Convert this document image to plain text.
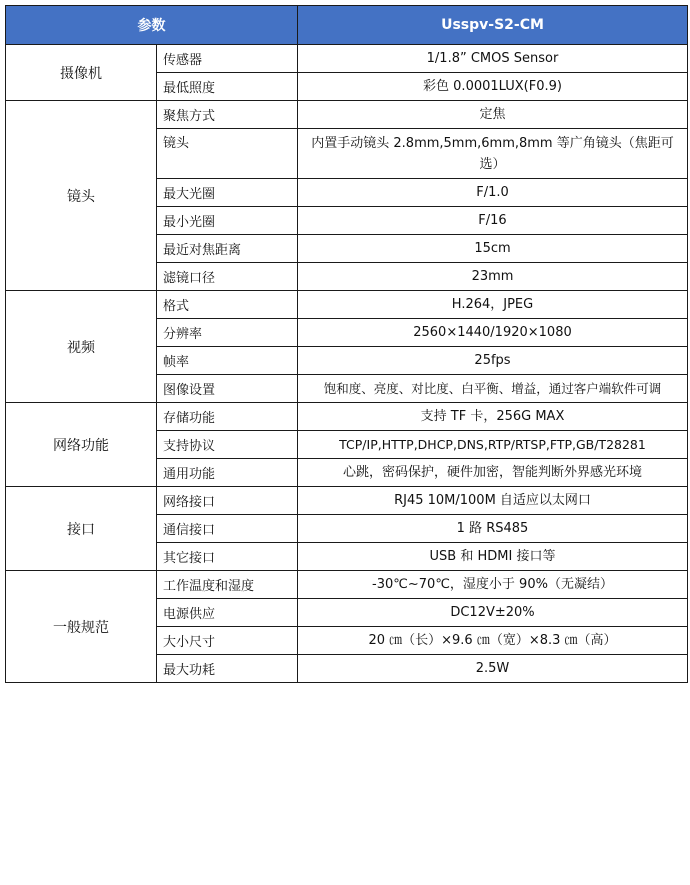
参数		Usspv-S2-CM
摄像机	传感器	1/1.8” CMOS Sensor
	最低照度	彩色 0.0001LUX(F0.9)
镜头	聚焦方式	定焦
	镜头	内置手动镜头 2.8mm,5mm,6mm,8mm 等广角镜头（焦距可选）
	最大光圈	F/1.0
	最小光圈	F/16
	最近对焦距离	15cm
	滤镜口径	23mm
视频	格式	H.264，JPEG
	分辨率	2560×1440/1920×1080
	帧率	25fps
	图像设置	饱和度、亮度、对比度、白平衡、增益，通过客户端软件可调
网络功能	存储功能	支持 TF 卡，256G MAX
	支持协议	TCP/IP,HTTP,DHCP,DNS,RTP/RTSP,FTP,GB/T28281
	通用功能	心跳，密码保护，硬件加密，智能判断外界感光环境
接口	网络接口	RJ45 10M/100M 自适应以太网口
	通信接口	1 路 RS485
	其它接口	USB 和 HDMI 接口等
一般规范	工作温度和湿度	-30℃~70℃，湿度小于 90%（无凝结）
	电源供应	DC12V±20%
	大小尺寸	20 ㎝（长）×9.6 ㎝（宽）×8.3 ㎝（高）
	最大功耗	2.5W
